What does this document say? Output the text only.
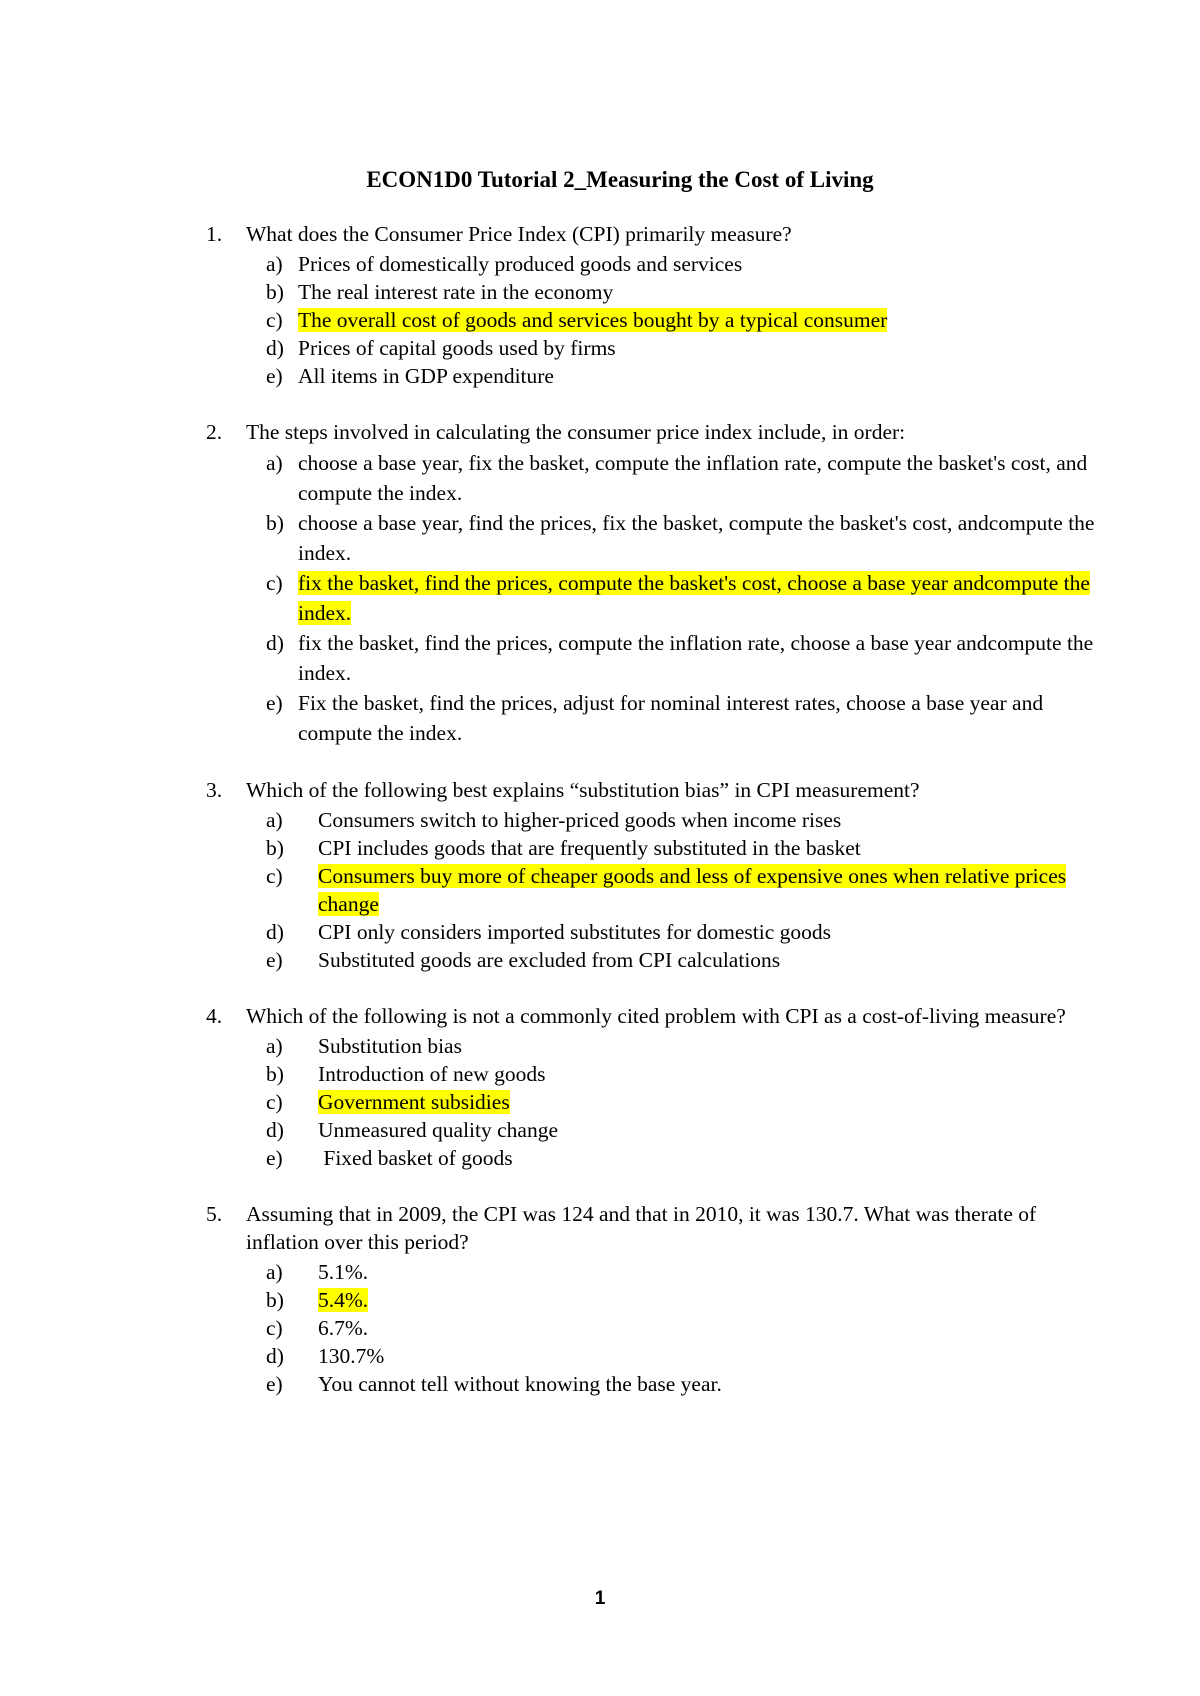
ECON1D0 Tutorial 2_Measuring the Cost of Living
1. What does the Consumer Price Index (CPI) primarily measure?
a) Prices of domestically produced goods and services
b) The real interest rate in the economy
c) The overall cost of goods and services bought by a typical consumer
d) Prices of capital goods used by firms
e) All items in GDP expenditure
2. The steps involved in calculating the consumer price index include, in order:
a) choose a base year, fix the basket, compute the inflation rate, compute the basket's cost, and compute the index.
b) choose a base year, find the prices, fix the basket, compute the basket's cost, andcompute the index.
c) fix the basket, find the prices, compute the basket's cost, choose a base year andcompute the index.
d) fix the basket, find the prices, compute the inflation rate, choose a base year andcompute the index.
e) Fix the basket, find the prices, adjust for nominal interest rates, choose a base year and compute the index.
3. Which of the following best explains “substitution bias” in CPI measurement?
a) Consumers switch to higher-priced goods when income rises
b) CPI includes goods that are frequently substituted in the basket
c) Consumers buy more of cheaper goods and less of expensive ones when relative prices change
d) CPI only considers imported substitutes for domestic goods
e) Substituted goods are excluded from CPI calculations
4. Which of the following is not a commonly cited problem with CPI as a cost-of-living measure?
a) Substitution bias
b) Introduction of new goods
c) Government subsidies
d) Unmeasured quality change
e) Fixed basket of goods
5. Assuming that in 2009, the CPI was 124 and that in 2010, it was 130.7. What was therate of inflation over this period?
a) 5.1%.
b) 5.4%.
c) 6.7%.
d) 130.7%
e) You cannot tell without knowing the base year.
1
